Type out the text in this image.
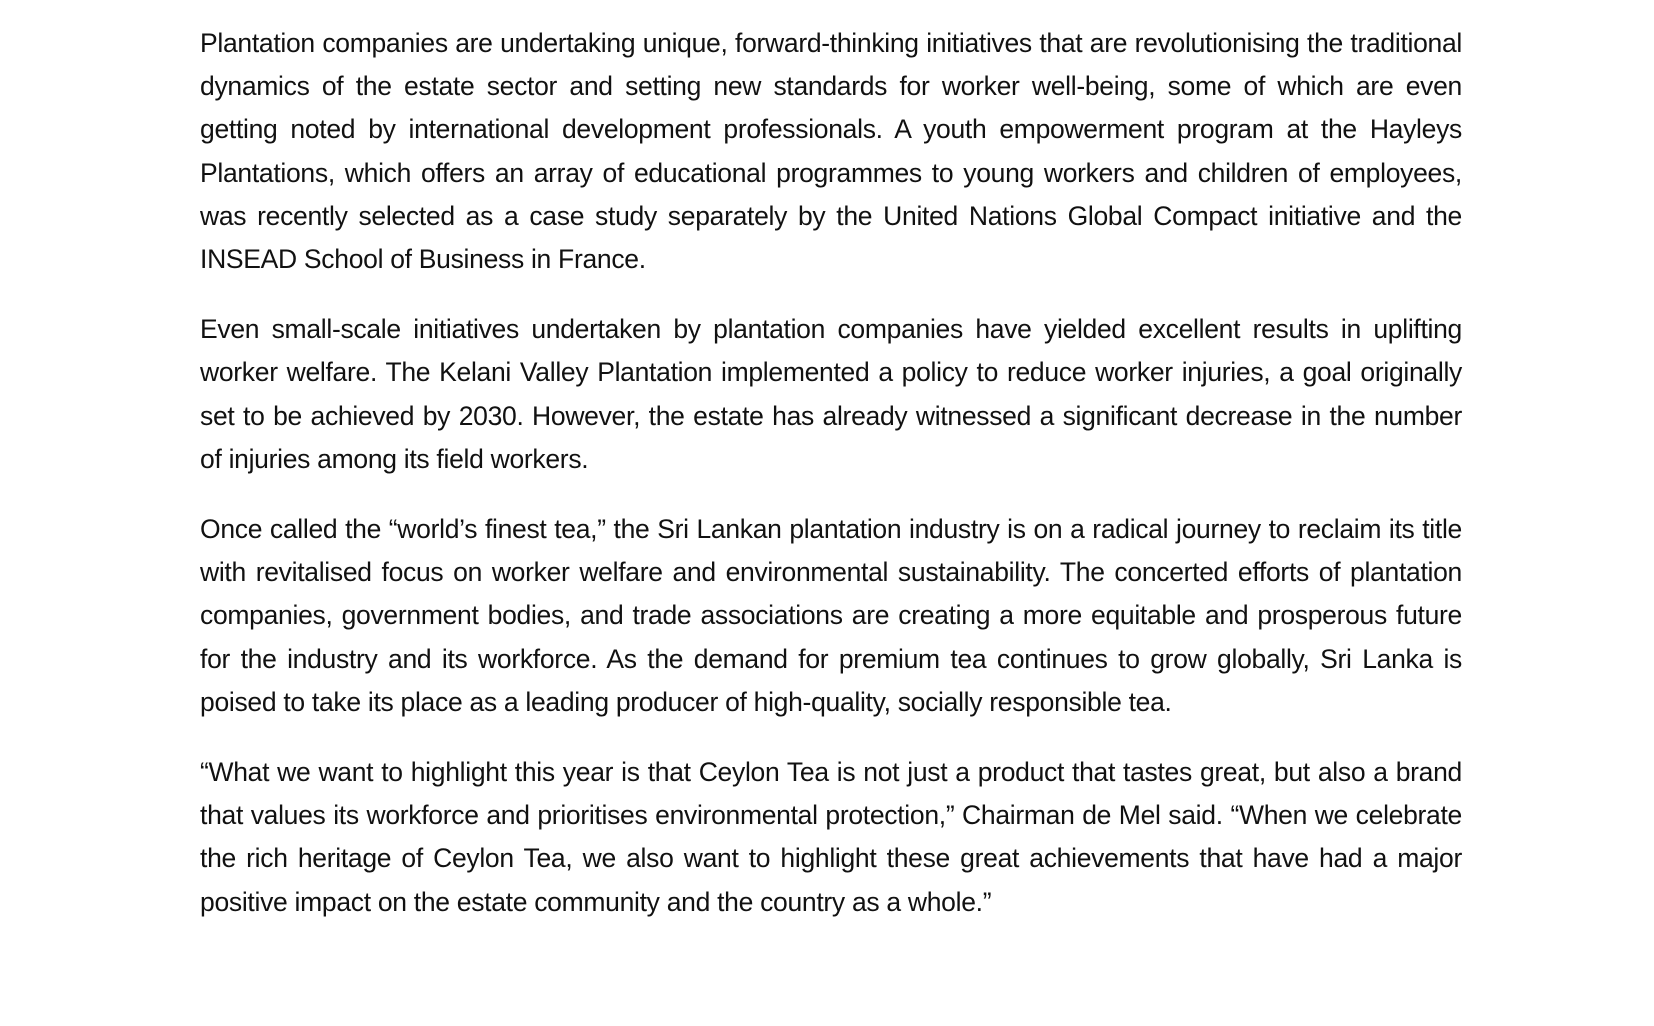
Plantation companies are undertaking unique, forward-thinking initiatives that are revolutionising the traditional dynamics of the estate sector and setting new standards for worker well-being, some of which are even getting noted by international development professionals. A youth empowerment program at the Hayleys Plantations, which offers an array of educational programmes to young workers and children of employees, was recently selected as a case study separately by the United Nations Global Compact initiative and the INSEAD School of Business in France.

Even small-scale initiatives undertaken by plantation companies have yielded excellent results in uplifting worker welfare. The Kelani Valley Plantation implemented a policy to reduce worker injuries, a goal originally set to be achieved by 2030. However, the estate has already witnessed a significant decrease in the number of injuries among its field workers.

Once called the “world’s finest tea,” the Sri Lankan plantation industry is on a radical journey to reclaim its title with revitalised focus on worker welfare and environmental sustainability. The concerted efforts of plantation companies, government bodies, and trade associations are creating a more equitable and prosperous future for the industry and its workforce. As the demand for premium tea continues to grow globally, Sri Lanka is poised to take its place as a leading producer of high-quality, socially responsible tea.

“What we want to highlight this year is that Ceylon Tea is not just a product that tastes great, but also a brand that values its workforce and prioritises environmental protection,” Chairman de Mel said. “When we celebrate the rich heritage of Ceylon Tea, we also want to highlight these great achievements that have had a major positive impact on the estate community and the country as a whole.”
